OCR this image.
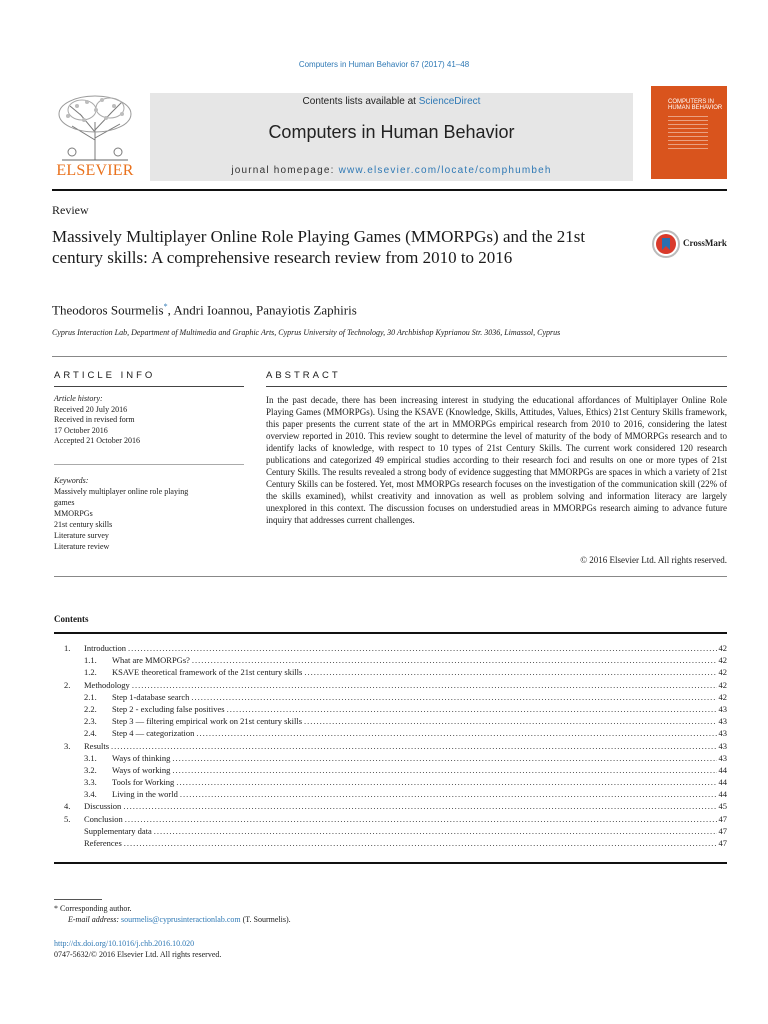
Computers in Human Behavior 67 (2017) 41–48
ELSEVIER
Contents lists available at ScienceDirect
Computers in Human Behavior
journal homepage: www.elsevier.com/locate/comphumbeh
COMPUTERS IN
HUMAN BEHAVIOR
Review
Massively Multiplayer Online Role Playing Games (MMORPGs) and the 21st century skills: A comprehensive research review from 2010 to 2016
CrossMark
Theodoros Sourmelis*, Andri Ioannou, Panayiotis Zaphiris
Cyprus Interaction Lab, Department of Multimedia and Graphic Arts, Cyprus University of Technology, 30 Archbishop Kyprianou Str. 3036, Limassol, Cyprus
ARTICLE INFO
Article history:
Received 20 July 2016
Received in revised form
17 October 2016
Accepted 21 October 2016
Keywords:
Massively multiplayer online role playing
games
MMORPGs
21st century skills
Literature survey
Literature review
ABSTRACT
In the past decade, there has been increasing interest in studying the educational affordances of Multiplayer Online Role Playing Games (MMORPGs). Using the KSAVE (Knowledge, Skills, Attitudes, Values, Ethics) 21st Century Skills framework, this paper presents the current state of the art in MMORPGs empirical research from 2010 to 2016, considering the latest overview reported in 2010. This review sought to determine the level of maturity of the body of MMORPGs research and to identify lacks of knowledge, with respect to 10 types of 21st Century Skills. The current work considered 120 research publications and categorized 49 empirical studies according to their research foci and results on one or more types of 21st Century Skills. The results revealed a strong body of evidence suggesting that MMORPGs are spaces in which a variety of 21st Century Skills can be fostered. Yet, most MMORPGs research focuses on the investigation of the communication skill (22% of the skills examined), whilst creativity and innovation as well as problem solving and information literacy are largely unexplored in this context. The discussion focuses on understudied areas in MMORPGs research aiming to advance future inquiry that addresses current challenges.
© 2016 Elsevier Ltd. All rights reserved.
Contents
1. Introduction .....	42
1.1. What are MMORPGs? .....	42
1.2. KSAVE theoretical framework of the 21st century skills .....	42
2. Methodology .....	42
2.1. Step 1-database search .....	42
2.2. Step 2 - excluding false positives .....	43
2.3. Step 3 — filtering empirical work on 21st century skills .....	43
2.4. Step 4 — categorization .....	43
3. Results .....	43
3.1. Ways of thinking .....	43
3.2. Ways of working .....	44
3.3. Tools for Working .....	44
3.4. Living in the world .....	44
4. Discussion .....	45
5. Conclusion .....	47
Supplementary data .....	47
References .....	47
* Corresponding author.
E-mail address: sourmelis@cyprusinteractionlab.com (T. Sourmelis).
http://dx.doi.org/10.1016/j.chb.2016.10.020
0747-5632/© 2016 Elsevier Ltd. All rights reserved.
